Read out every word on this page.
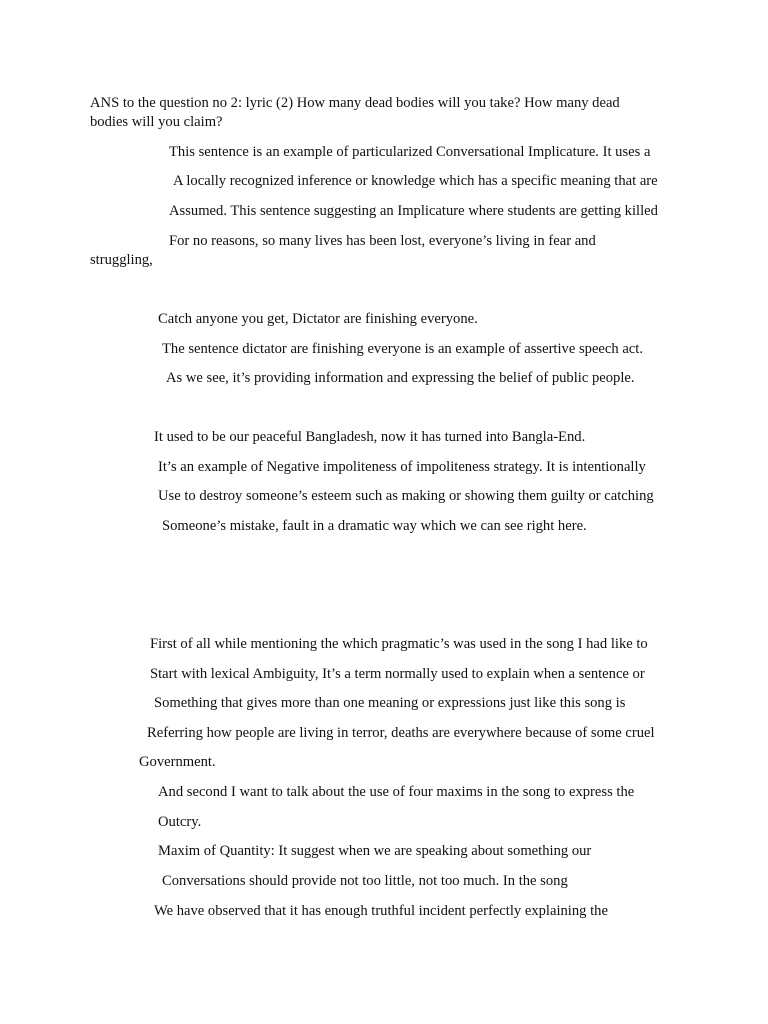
ANS to the question no 2: lyric (2) How many dead bodies will you take? How many dead
bodies will you claim?
This sentence is an example of particularized Conversational Implicature. It uses a
A locally recognized inference or knowledge which has a specific meaning that are
Assumed. This sentence suggesting an Implicature where students are getting killed
For no reasons, so many lives has been lost, everyone’s living in fear and
struggling,
Catch anyone you get, Dictator are finishing everyone.
The sentence dictator are finishing everyone is an example of assertive speech act.
As we see, it’s providing information and expressing the belief of public people.
It used to be our peaceful Bangladesh, now it has turned into Bangla-End.
It’s an example of Negative impoliteness of impoliteness strategy. It is intentionally
Use to destroy someone’s esteem such as making or showing them guilty or catching
Someone’s mistake, fault in a dramatic way which we can see right here.
First of all while mentioning the which pragmatic’s was used in the song I had like to
Start with lexical Ambiguity, It’s a term normally used to explain when a sentence or
Something that gives more than one meaning or expressions just like this song is
Referring how people are living in terror, deaths are everywhere because of some cruel
Government.
And second I want to talk about the use of four maxims in the song to express the
Outcry.
Maxim of Quantity: It suggest when we are speaking about something our
Conversations should provide not too little, not too much. In the song
We have observed that it has enough truthful incident perfectly explaining the
